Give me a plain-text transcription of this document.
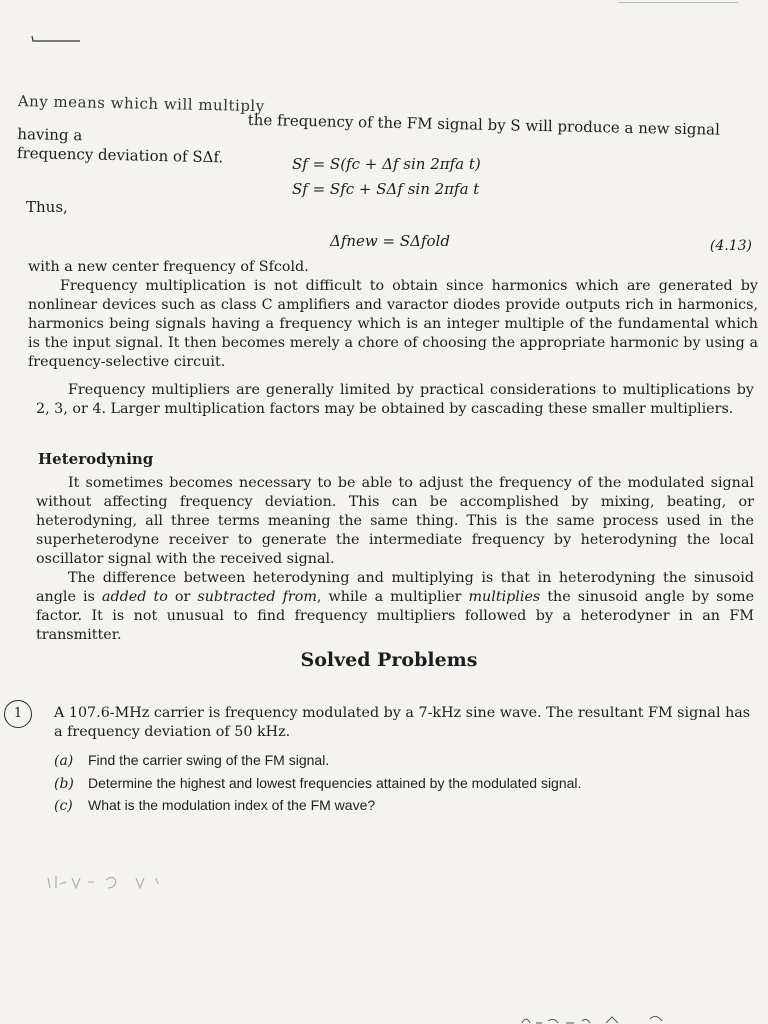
Any means which will multiply
the frequency of the FM signal by S will produce a new signal having a
frequency deviation of SΔf.	Sf = S(fc + Δf sin 2πfa t)
Sf = Sfc + SΔf sin 2πfa t
Thus,
Δfnew = SΔfold	(4.13)
with a new center frequency of Sfcold.
Frequency multiplication is not difficult to obtain since harmonics which are generated by nonlinear devices such as class C amplifiers and varactor diodes provide outputs rich in harmonics, harmonics being signals having a frequency which is an integer multiple of the fundamental which is the input signal. It then becomes merely a chore of choosing the appropriate harmonic by using a frequency-selective circuit.
Frequency multipliers are generally limited by practical considerations to multiplications by 2, 3, or 4. Larger multiplication factors may be obtained by cascading these smaller multipliers.
Heterodyning
It sometimes becomes necessary to be able to adjust the frequency of the modulated signal without affecting frequency deviation. This can be accomplished by mixing, beating, or heterodyning, all three terms meaning the same thing. This is the same process used in the superheterodyne receiver to generate the intermediate frequency by heterodyning the local oscillator signal with the received signal.
The difference between heterodyning and multiplying is that in heterodyning the sinusoid angle is added to or subtracted from, while a multiplier multiplies the sinusoid angle by some factor. It is not unusual to find frequency multipliers followed by a heterodyner in an FM transmitter.
Solved Problems
1	A 107.6-MHz carrier is frequency modulated by a 7-kHz sine wave. The resultant FM signal has a frequency deviation of 50 kHz.
(a) Find the carrier swing of the FM signal.
(b) Determine the highest and lowest frequencies attained by the modulated signal.
(c) What is the modulation index of the FM wave?
